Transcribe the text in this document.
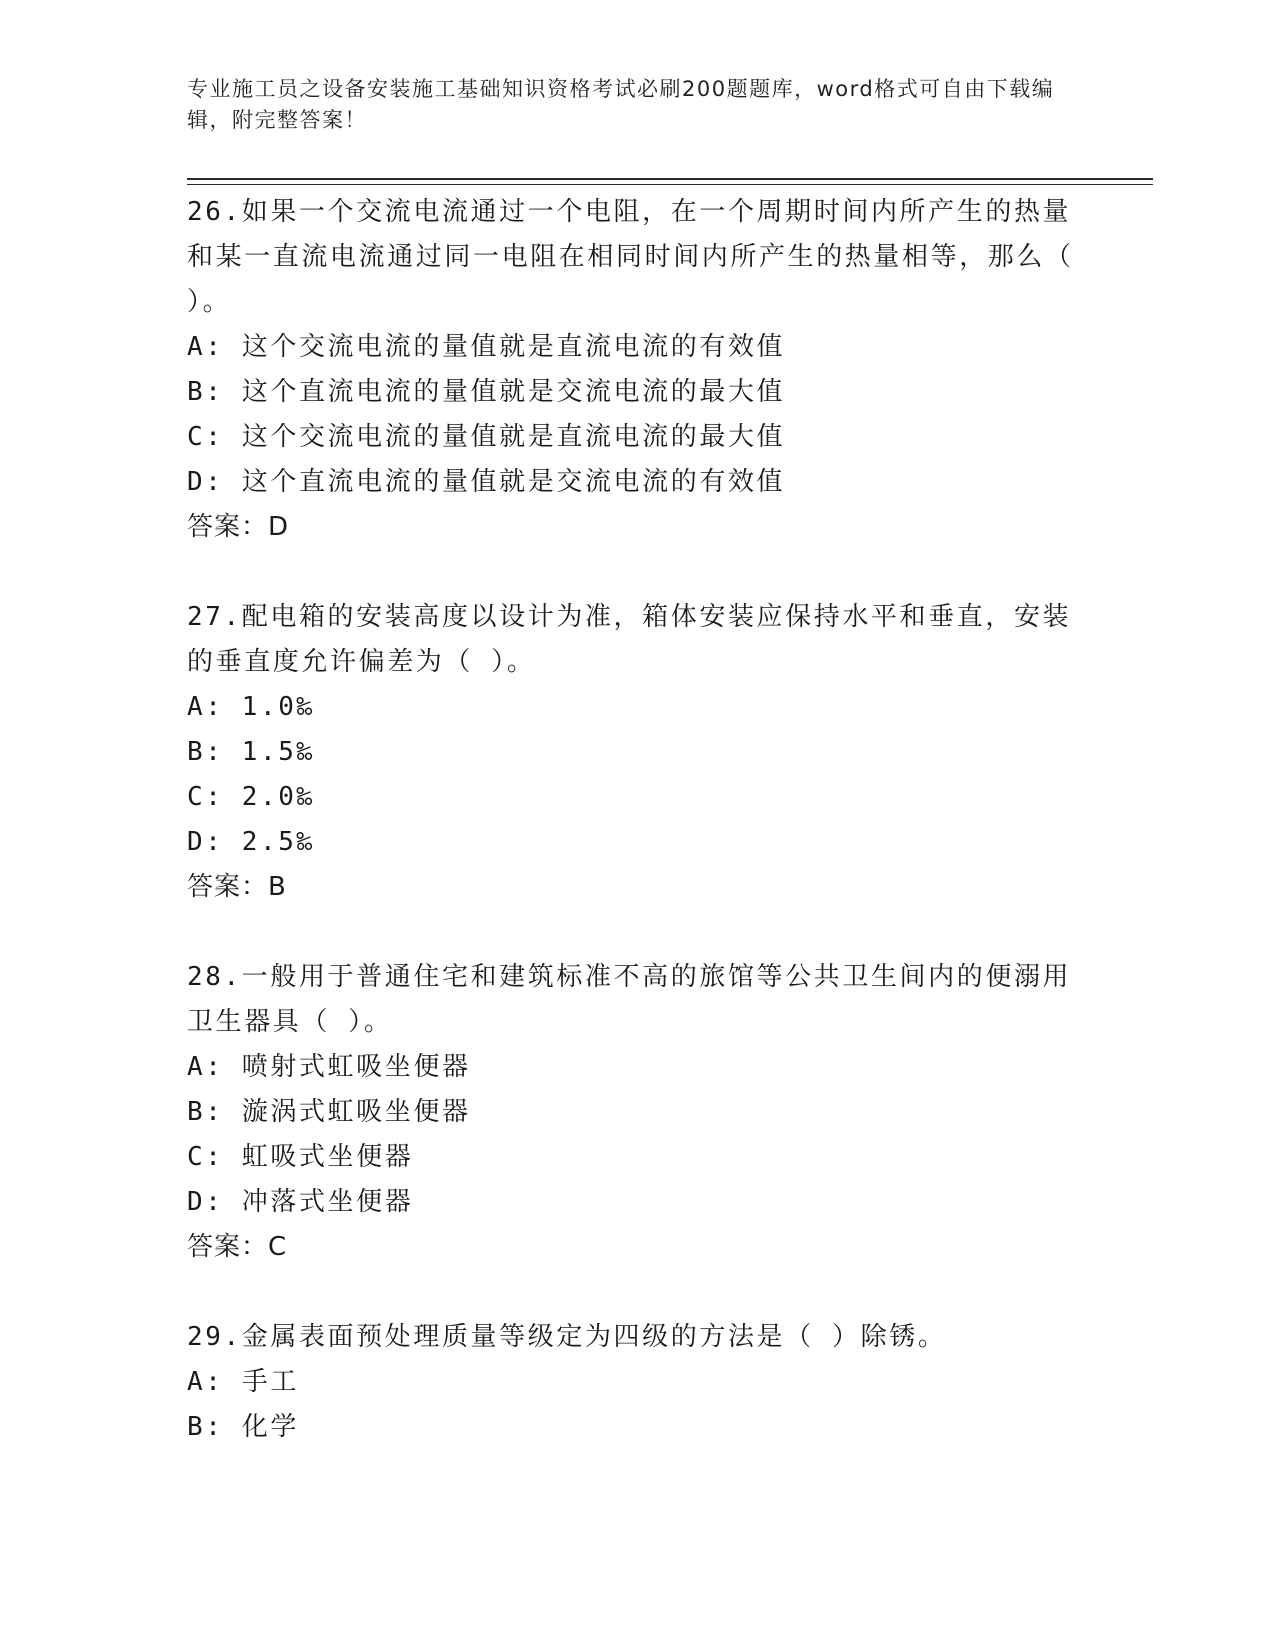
专业施工员之设备安装施工基础知识资格考试必刷200题题库，word格式可自由下载编辑，附完整答案！

26.如果一个交流电流通过一个电阻，在一个周期时间内所产生的热量和某一直流电流通过同一电阻在相同时间内所产生的热量相等，那么（ ）。

A: 这个交流电流的量值就是直流电流的有效值

B: 这个直流电流的量值就是交流电流的最大值

C: 这个交流电流的量值就是直流电流的最大值

D: 这个直流电流的量值就是交流电流的有效值

答案：D

27.配电箱的安装高度以设计为准，箱体安装应保持水平和垂直，安装的垂直度允许偏差为（ ）。

A: 1.0‰

B: 1.5‰

C: 2.0‰

D: 2.5‰

答案：B

28.一般用于普通住宅和建筑标准不高的旅馆等公共卫生间内的便溺用卫生器具（ ）。

A: 喷射式虹吸坐便器

B: 漩涡式虹吸坐便器

C: 虹吸式坐便器

D: 冲落式坐便器

答案：C

29.金属表面预处理质量等级定为四级的方法是（ ）除锈。

A: 手工

B: 化学
